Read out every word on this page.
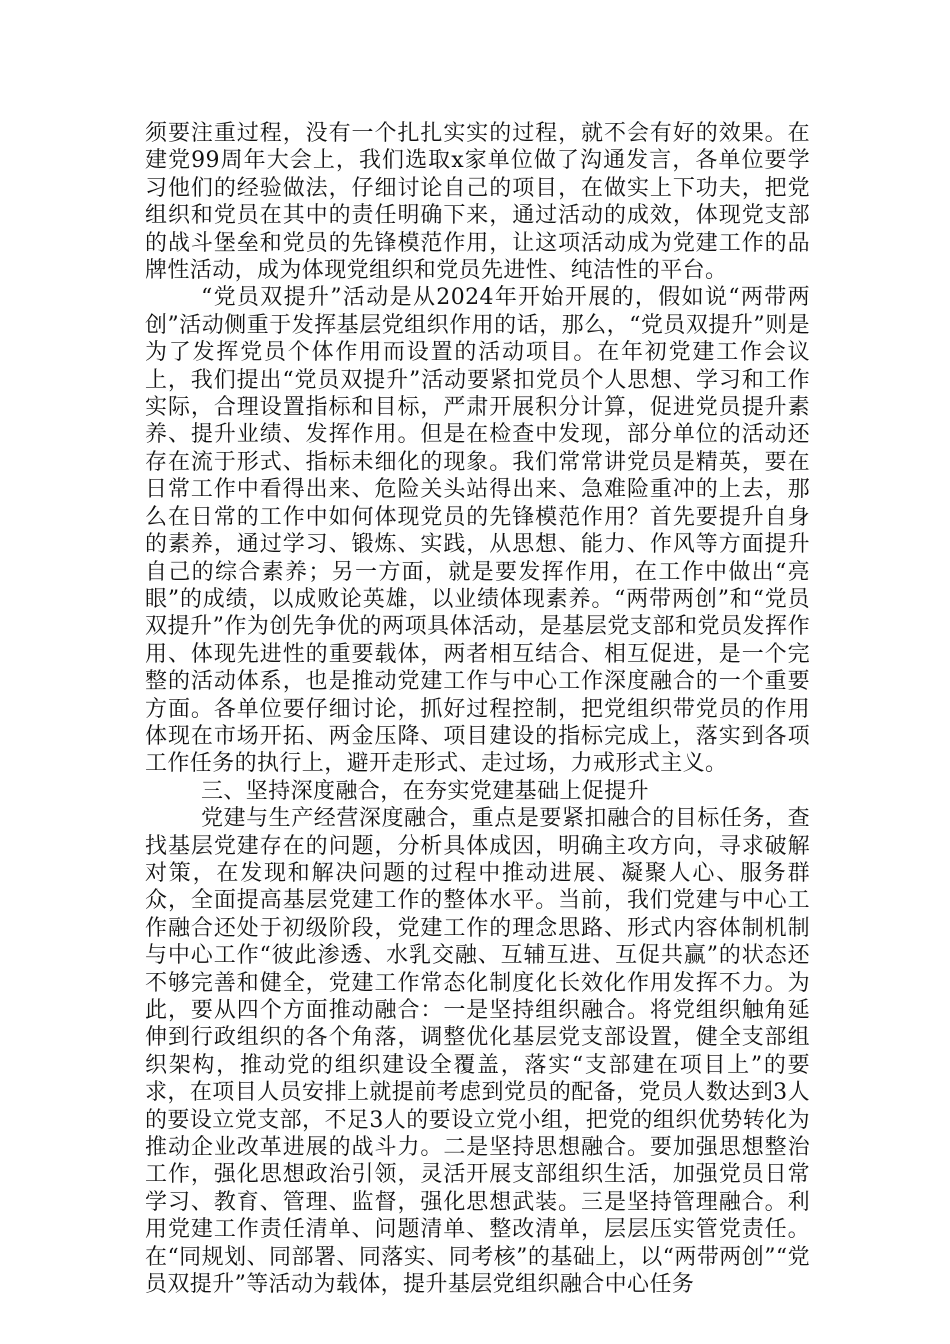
须要注重过程，没有一个扎扎实实的过程，就不会有好的效果。在建党99周年大会上，我们选取x家单位做了沟通发言，各单位要学习他们的经验做法，仔细讨论自己的项目，在做实上下功夫，把党组织和党员在其中的责任明确下来，通过活动的成效，体现党支部的战斗堡垒和党员的先锋模范作用，让这项活动成为党建工作的品牌性活动，成为体现党组织和党员先进性、纯洁性的平台。

“党员双提升”活动是从2024年开始开展的，假如说“两带两创”活动侧重于发挥基层党组织作用的话，那么，“党员双提升”则是为了发挥党员个体作用而设置的活动项目。在年初党建工作会议上，我们提出“党员双提升”活动要紧扣党员个人思想、学习和工作实际，合理设置指标和目标，严肃开展积分计算，促进党员提升素养、提升业绩、发挥作用。但是在检查中发现，部分单位的活动还存在流于形式、指标未细化的现象。我们常常讲党员是精英，要在日常工作中看得出来、危险关头站得出来、急难险重冲的上去，那么在日常的工作中如何体现党员的先锋模范作用？首先要提升自身的素养，通过学习、锻炼、实践，从思想、能力、作风等方面提升自己的综合素养；另一方面，就是要发挥作用，在工作中做出“亮眼”的成绩，以成败论英雄，以业绩体现素养。“两带两创”和“党员双提升”作为创先争优的两项具体活动，是基层党支部和党员发挥作用、体现先进性的重要载体，两者相互结合、相互促进，是一个完整的活动体系，也是推动党建工作与中心工作深度融合的一个重要方面。各单位要仔细讨论，抓好过程控制，把党组织带党员的作用体现在市场开拓、两金压降、项目建设的指标完成上，落实到各项工作任务的执行上，避开走形式、走过场，力戒形式主义。

三、坚持深度融合，在夯实党建基础上促提升

党建与生产经营深度融合，重点是要紧扣融合的目标任务，查找基层党建存在的问题，分析具体成因，明确主攻方向，寻求破解对策，在发现和解决问题的过程中推动进展、凝聚人心、服务群众，全面提高基层党建工作的整体水平。当前，我们党建与中心工作融合还处于初级阶段，党建工作的理念思路、形式内容体制机制与中心工作“彼此渗透、水乳交融、互辅互进、互促共赢”的状态还不够完善和健全，党建工作常态化制度化长效化作用发挥不力。为此，要从四个方面推动融合：一是坚持组织融合。将党组织触角延伸到行政组织的各个角落，调整优化基层党支部设置，健全支部组织架构，推动党的组织建设全覆盖，落实“支部建在项目上”的要求，在项目人员安排上就提前考虑到党员的配备，党员人数达到3人的要设立党支部，不足3人的要设立党小组，把党的组织优势转化为推动企业改革进展的战斗力。二是坚持思想融合。要加强思想整治工作，强化思想政治引领，灵活开展支部组织生活，加强党员日常学习、教育、管理、监督，强化思想武装。三是坚持管理融合。利用党建工作责任清单、问题清单、整改清单，层层压实管党责任。在“同规划、同部署、同落实、同考核”的基础上，以“两带两创”“党员双提升”等活动为载体，提升基层党组织融合中心任务
